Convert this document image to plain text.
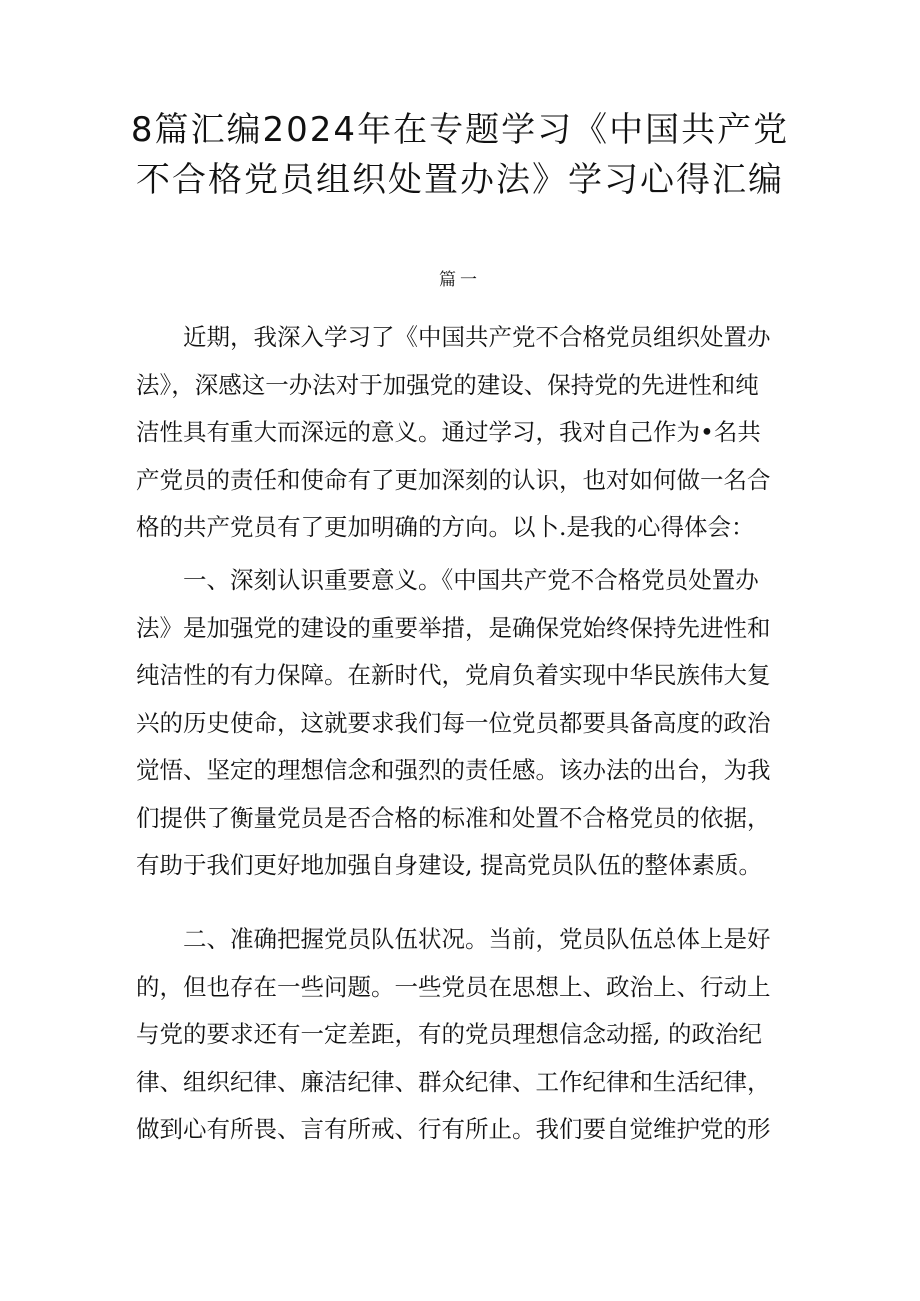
8篇汇编2024年在专题学习《中国共产党
不合格党员组织处置办法》学习心得汇编
篇一
近期，我深入学习了《中国共产党不合格党员组织处置办
法》，深感这一办法对于加强党的建设、保持党的先进性和纯
洁性具有重大而深远的意义。通过学习，我对自己作为•名共
产党员的责任和使命有了更加深刻的认识，也对如何做一名合
格的共产党员有了更加明确的方向。以卜.是我的心得体会：
一、深刻认识重要意义。《中国共产党不合格党员处置办
法》是加强党的建设的重要举措，是确保党始终保持先进性和
纯洁性的有力保障。在新时代，党肩负着实现中华民族伟大复
兴的历史使命，这就要求我们每一位党员都要具备高度的政治
觉悟、坚定的理想信念和强烈的责任感。该办法的出台，为我
们提供了衡量党员是否合格的标准和处置不合格党员的依据，
有助于我们更好地加强自身建设, 提高党员队伍的整体素质。
二、准确把握党员队伍状况。当前，党员队伍总体上是好
的，但也存在一些问题。一些党员在思想上、政治上、行动上
与党的要求还有一定差距，有的党员理想信念动摇, 的政治纪
律、组织纪律、廉洁纪律、群众纪律、工作纪律和生活纪律，
做到心有所畏、言有所戒、行有所止。我们要自觉维护党的形
